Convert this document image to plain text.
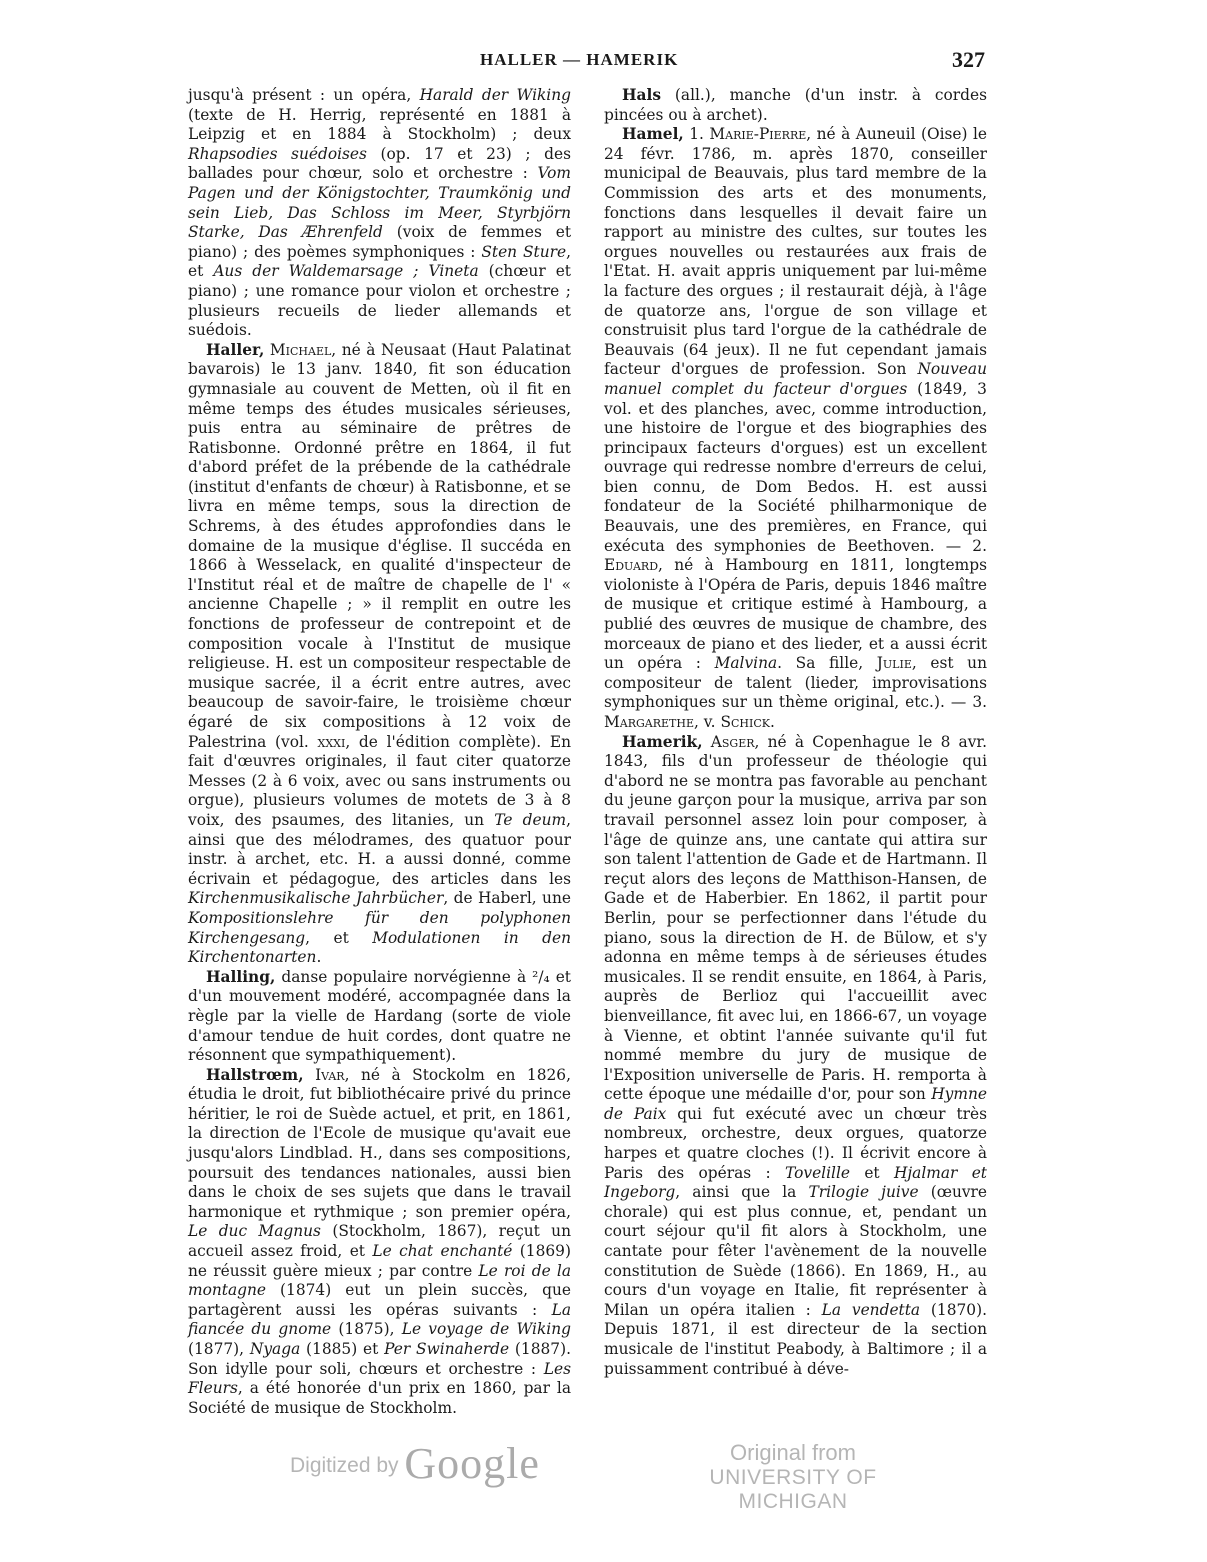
HALLER — HAMERIK	327

jusqu'à présent : un opéra, Harald der Wiking (texte de H. Herrig, représenté en 1881 à Leipzig et en 1884 à Stockholm) ; deux Rhapsodies suédoises (op. 17 et 23) ; des ballades pour chœur, solo et orchestre : Vom Pagen und der Königstochter, Traumkönig und sein Lieb, Das Schloss im Meer, Styrbjörn Starke, Das Æhrenfeld (voix de femmes et piano) ; des poèmes symphoniques : Sten Sture, et Aus der Waldemarsage ; Vineta (chœur et piano) ; une romance pour violon et orchestre ; plusieurs recueils de lieder allemands et suédois.

Haller, Michael, né à Neusaat (Haut Palatinat bavarois) le 13 janv. 1840, fit son éducation gymnasiale au couvent de Metten, où il fit en même temps des études musicales sérieuses, puis entra au séminaire de prêtres de Ratisbonne. Ordonné prêtre en 1864, il fut d'abord préfet de la prébende de la cathédrale (institut d'enfants de chœur) à Ratisbonne, et se livra en même temps, sous la direction de Schrems, à des études approfondies dans le domaine de la musique d'église. Il succéda en 1866 à Wesselack, en qualité d'inspecteur de l'Institut réal et de maître de chapelle de l' « ancienne Chapelle ; » il remplit en outre les fonctions de professeur de contrepoint et de composition vocale à l'Institut de musique religieuse. H. est un compositeur respectable de musique sacrée, il a écrit entre autres, avec beaucoup de savoir-faire, le troisième chœur égaré de six compositions à 12 voix de Palestrina (vol. xxxi, de l'édition complète). En fait d'œuvres originales, il faut citer quatorze Messes (2 à 6 voix, avec ou sans instruments ou orgue), plusieurs volumes de motets de 3 à 8 voix, des psaumes, des litanies, un Te deum, ainsi que des mélodrames, des quatuor pour instr. à archet, etc. H. a aussi donné, comme écrivain et pédagogue, des articles dans les Kirchenmusikalische Jahrbücher, de Haberl, une Kompositionslehre für den polyphonen Kirchengesang, et Modulationen in den Kirchentonarten.

Halling, danse populaire norvégienne à ²/₄ et d'un mouvement modéré, accompagnée dans la règle par la vielle de Hardang (sorte de viole d'amour tendue de huit cordes, dont quatre ne résonnent que sympathiquement).

Hallstrœm, Ivar, né à Stockolm en 1826, étudia le droit, fut bibliothécaire privé du prince héritier, le roi de Suède actuel, et prit, en 1861, la direction de l'Ecole de musique qu'avait eue jusqu'alors Lindblad. H., dans ses compositions, poursuit des tendances nationales, aussi bien dans le choix de ses sujets que dans le travail harmonique et rythmique ; son premier opéra, Le duc Magnus (Stockholm, 1867), reçut un accueil assez froid, et Le chat enchanté (1869) ne réussit guère mieux ; par contre Le roi de la montagne (1874) eut un plein succès, que partagèrent aussi les opéras suivants : La fiancée du gnome (1875), Le voyage de Wiking (1877), Nyaga (1885) et Per Swinaherde (1887). Son idylle pour soli, chœurs et orchestre : Les Fleurs, a été honorée d'un prix en 1860, par la Société de musique de Stockholm.

Hals (all.), manche (d'un instr. à cordes pincées ou à archet).

Hamel, 1. Marie-Pierre, né à Auneuil (Oise) le 24 févr. 1786, m. après 1870, conseiller municipal de Beauvais, plus tard membre de la Commission des arts et des monuments, fonctions dans lesquelles il devait faire un rapport au ministre des cultes, sur toutes les orgues nouvelles ou restaurées aux frais de l'Etat. H. avait appris uniquement par lui-même la facture des orgues ; il restaurait déjà, à l'âge de quatorze ans, l'orgue de son village et construisit plus tard l'orgue de la cathédrale de Beauvais (64 jeux). Il ne fut cependant jamais facteur d'orgues de profession. Son Nouveau manuel complet du facteur d'orgues (1849, 3 vol. et des planches, avec, comme introduction, une histoire de l'orgue et des biographies des principaux facteurs d'orgues) est un excellent ouvrage qui redresse nombre d'erreurs de celui, bien connu, de Dom Bedos. H. est aussi fondateur de la Société philharmonique de Beauvais, une des premières, en France, qui exécuta des symphonies de Beethoven. — 2. Eduard, né à Hambourg en 1811, longtemps violoniste à l'Opéra de Paris, depuis 1846 maître de musique et critique estimé à Hambourg, a publié des œuvres de musique de chambre, des morceaux de piano et des lieder, et a aussi écrit un opéra : Malvina. Sa fille, Julie, est un compositeur de talent (lieder, improvisations symphoniques sur un thème original, etc.). — 3. Margarethe, v. Schick.

Hamerik, Asger, né à Copenhague le 8 avr. 1843, fils d'un professeur de théologie qui d'abord ne se montra pas favorable au penchant du jeune garçon pour la musique, arriva par son travail personnel assez loin pour composer, à l'âge de quinze ans, une cantate qui attira sur son talent l'attention de Gade et de Hartmann. Il reçut alors des leçons de Matthison-Hansen, de Gade et de Haberbier. En 1862, il partit pour Berlin, pour se perfectionner dans l'étude du piano, sous la direction de H. de Bülow, et s'y adonna en même temps à de sérieuses études musicales. Il se rendit ensuite, en 1864, à Paris, auprès de Berlioz qui l'accueillit avec bienveillance, fit avec lui, en 1866-67, un voyage à Vienne, et obtint l'année suivante qu'il fut nommé membre du jury de musique de l'Exposition universelle de Paris. H. remporta à cette époque une médaille d'or, pour son Hymne de Paix qui fut exécuté avec un chœur très nombreux, orchestre, deux orgues, quatorze harpes et quatre cloches (!). Il écrivit encore à Paris des opéras : Tovelille et Hjalmar et Ingeborg, ainsi que la Trilogie juive (œuvre chorale) qui est plus connue, et, pendant un court séjour qu'il fit alors à Stockholm, une cantate pour fêter l'avènement de la nouvelle constitution de Suède (1866). En 1869, H., au cours d'un voyage en Italie, fit représenter à Milan un opéra italien : La vendetta (1870). Depuis 1871, il est directeur de la section musicale de l'institut Peabody, à Baltimore ; il a puissamment contribué à déve-

Digitized by Google	Original from
UNIVERSITY OF MICHIGAN
